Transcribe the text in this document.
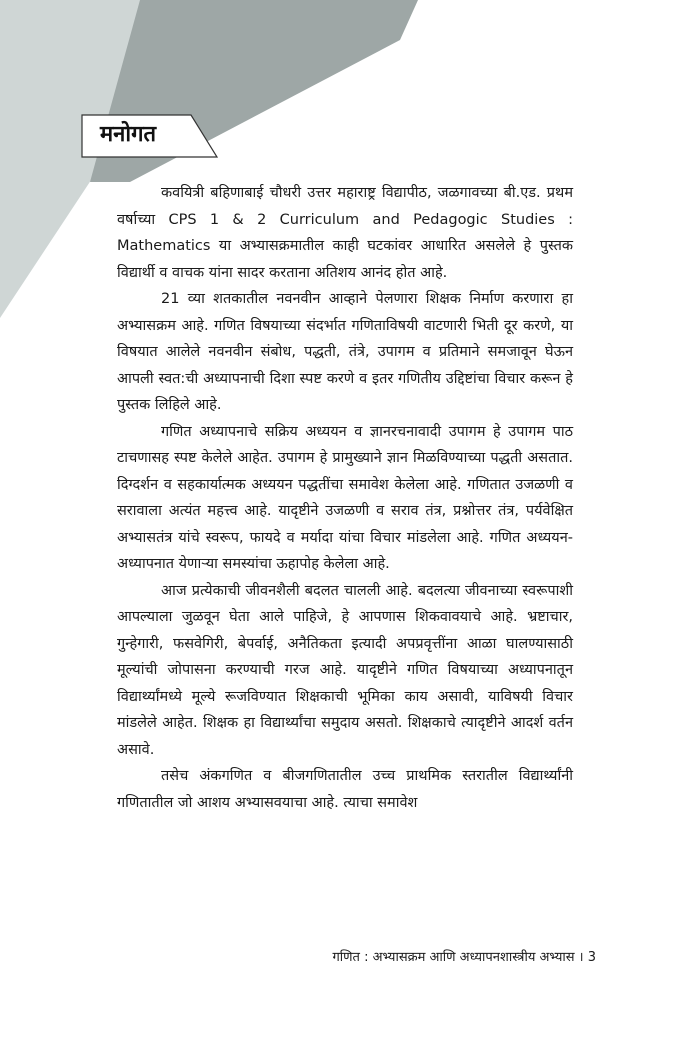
मनोगत

कवयित्री बहिणाबाई चौधरी उत्तर महाराष्ट्र विद्यापीठ, जळगावच्या बी.एड. प्रथम वर्षाच्या CPS 1 & 2 Curriculum and Pedagogic Studies : Mathematics या अभ्यासक्रमातील काही घटकांवर आधारित असलेले हे पुस्तक विद्यार्थी व वाचक यांना सादर करताना अतिशय आनंद होत आहे.

21 व्या शतकातील नवनवीन आव्हाने पेलणारा शिक्षक निर्माण करणारा हा अभ्यासक्रम आहे. गणित विषयाच्या संदर्भात गणिताविषयी वाटणारी भिती दूर करणे, या विषयात आलेले नवनवीन संबोध, पद्धती, तंत्रे, उपागम व प्रतिमाने समजावून घेऊन आपली स्वत:ची अध्यापनाची दिशा स्पष्ट करणे व इतर गणितीय उद्दिष्टांचा विचार करून हे पुस्तक लिहिले आहे.

गणित अध्यापनाचे सक्रिय अध्ययन व ज्ञानरचनावादी उपागम हे उपागम पाठ टाचणासह स्पष्ट केलेले आहेत. उपागम हे प्रामुख्याने ज्ञान मिळविण्याच्या पद्धती असतात. दिग्दर्शन व सहकार्यात्मक अध्ययन पद्धतींचा समावेश केलेला आहे. गणितात उजळणी व सरावाला अत्यंत महत्त्व आहे. यादृष्टीने उजळणी व सराव तंत्र, प्रश्नोत्तर तंत्र, पर्यवेक्षित अभ्यासतंत्र यांचे स्वरूप, फायदे व मर्यादा यांचा विचार मांडलेला आहे. गणित अध्ययन-अध्यापनात येणाऱ्या समस्यांचा ऊहापोह केलेला आहे.

आज प्रत्येकाची जीवनशैली बदलत चालली आहे. बदलत्या जीवनाच्या स्वरूपाशी आपल्याला जुळवून घेता आले पाहिजे, हे आपणास शिकवावयाचे आहे. भ्रष्टाचार, गुन्हेगारी, फसवेगिरी, बेपर्वाई, अनैतिकता इत्यादी अपप्रवृत्तींना आळा घालण्यासाठी मूल्यांची जोपासना करण्याची गरज आहे. यादृष्टीने गणित विषयाच्या अध्यापनातून विद्यार्थ्यांमध्ये मूल्ये रूजविण्यात शिक्षकाची भूमिका काय असावी, याविषयी विचार मांडलेले आहेत. शिक्षक हा विद्यार्थ्यांचा समुदाय असतो. शिक्षकाचे त्यादृष्टीने आदर्श वर्तन असावे.

तसेच अंकगणित व बीजगणितातील उच्च प्राथमिक स्तरातील विद्यार्थ्यांनी गणितातील जो आशय अभ्यासवयाचा आहे. त्याचा समावेश

गणित : अभ्यासक्रम आणि अध्यापनशास्त्रीय अभ्यास । 3
